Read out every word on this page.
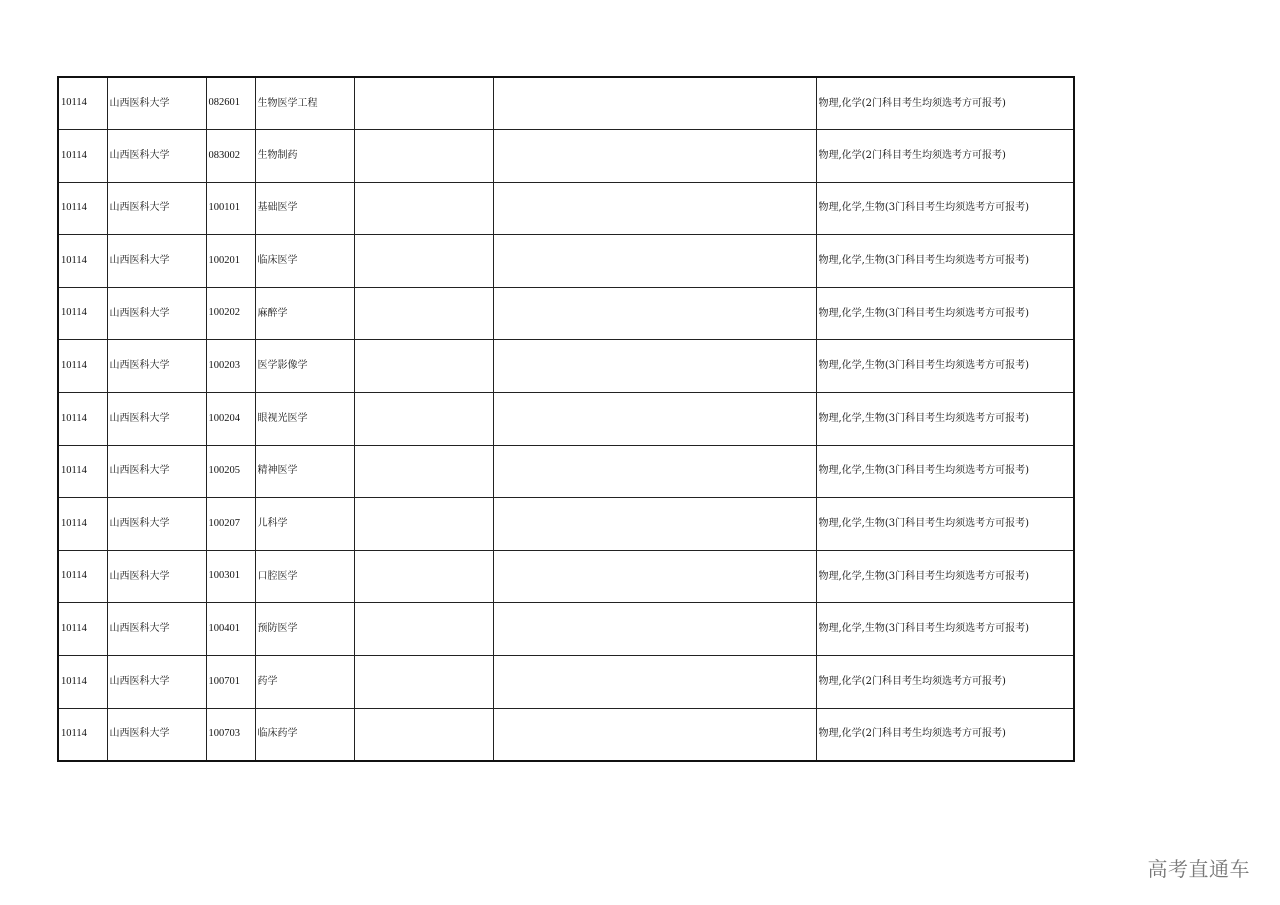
10114	山西医科大学	082601	生物医学工程			物理,化学(2门科目考生均须选考方可报考)
10114	山西医科大学	083002	生物制药			物理,化学(2门科目考生均须选考方可报考)
10114	山西医科大学	100101	基础医学			物理,化学,生物(3门科目考生均须选考方可报考)
10114	山西医科大学	100201	临床医学			物理,化学,生物(3门科目考生均须选考方可报考)
10114	山西医科大学	100202	麻醉学			物理,化学,生物(3门科目考生均须选考方可报考)
10114	山西医科大学	100203	医学影像学			物理,化学,生物(3门科目考生均须选考方可报考)
10114	山西医科大学	100204	眼视光医学			物理,化学,生物(3门科目考生均须选考方可报考)
10114	山西医科大学	100205	精神医学			物理,化学,生物(3门科目考生均须选考方可报考)
10114	山西医科大学	100207	儿科学			物理,化学,生物(3门科目考生均须选考方可报考)
10114	山西医科大学	100301	口腔医学			物理,化学,生物(3门科目考生均须选考方可报考)
10114	山西医科大学	100401	预防医学			物理,化学,生物(3门科目考生均须选考方可报考)
10114	山西医科大学	100701	药学			物理,化学(2门科目考生均须选考方可报考)
10114	山西医科大学	100703	临床药学			物理,化学(2门科目考生均须选考方可报考)
高考直通车
